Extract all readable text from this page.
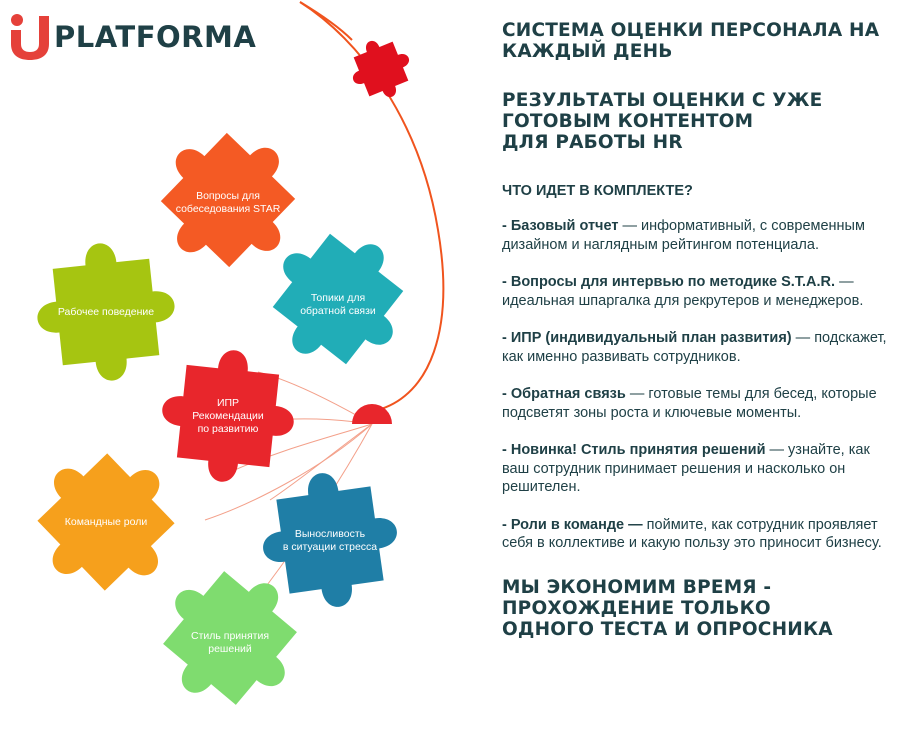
Вопросы для
собеседования STAR
Рабочее поведение
Топики для
обратной связи
ИПР
Рекомендации
по развитию
Командные роли
Выносливость
в ситуации стресса
Стиль принятия
решений
PLATFORMA	СИСТЕМА ОЦЕНКИ ПЕРСОНАЛА НА КАЖДЫЙ ДЕНЬ
РЕЗУЛЬТАТЫ ОЦЕНКИ С УЖЕ
ГОТОВЫМ КОНТЕНТОМ
ДЛЯ РАБОТЫ HR
ЧТО ИДЕТ В КОМПЛЕКТЕ?

- Базовый отчет — информативный, с современным дизайном и наглядным рейтингом потенциала.

- Вопросы для интервью по методике S.T.A.R. — идеальная шпаргалка для рекрутеров и менеджеров.

- ИПР (индивидуальный план развития) — подскажет, как именно развивать сотрудников.

- Обратная связь — готовые темы для бесед, которые подсветят зоны роста и ключевые моменты.

- Новинка! Стиль принятия решений — узнайте, как ваш сотрудник принимает решения и насколько он решителен.

- Роли в команде — поймите, как сотрудник проявляет себя в коллективе и какую пользу это приносит бизнесу.

МЫ ЭКОНОМИМ ВРЕМЯ -
ПРОХОЖДЕНИЕ ТОЛЬКО
ОДНОГО ТЕСТА И ОПРОСНИКА
